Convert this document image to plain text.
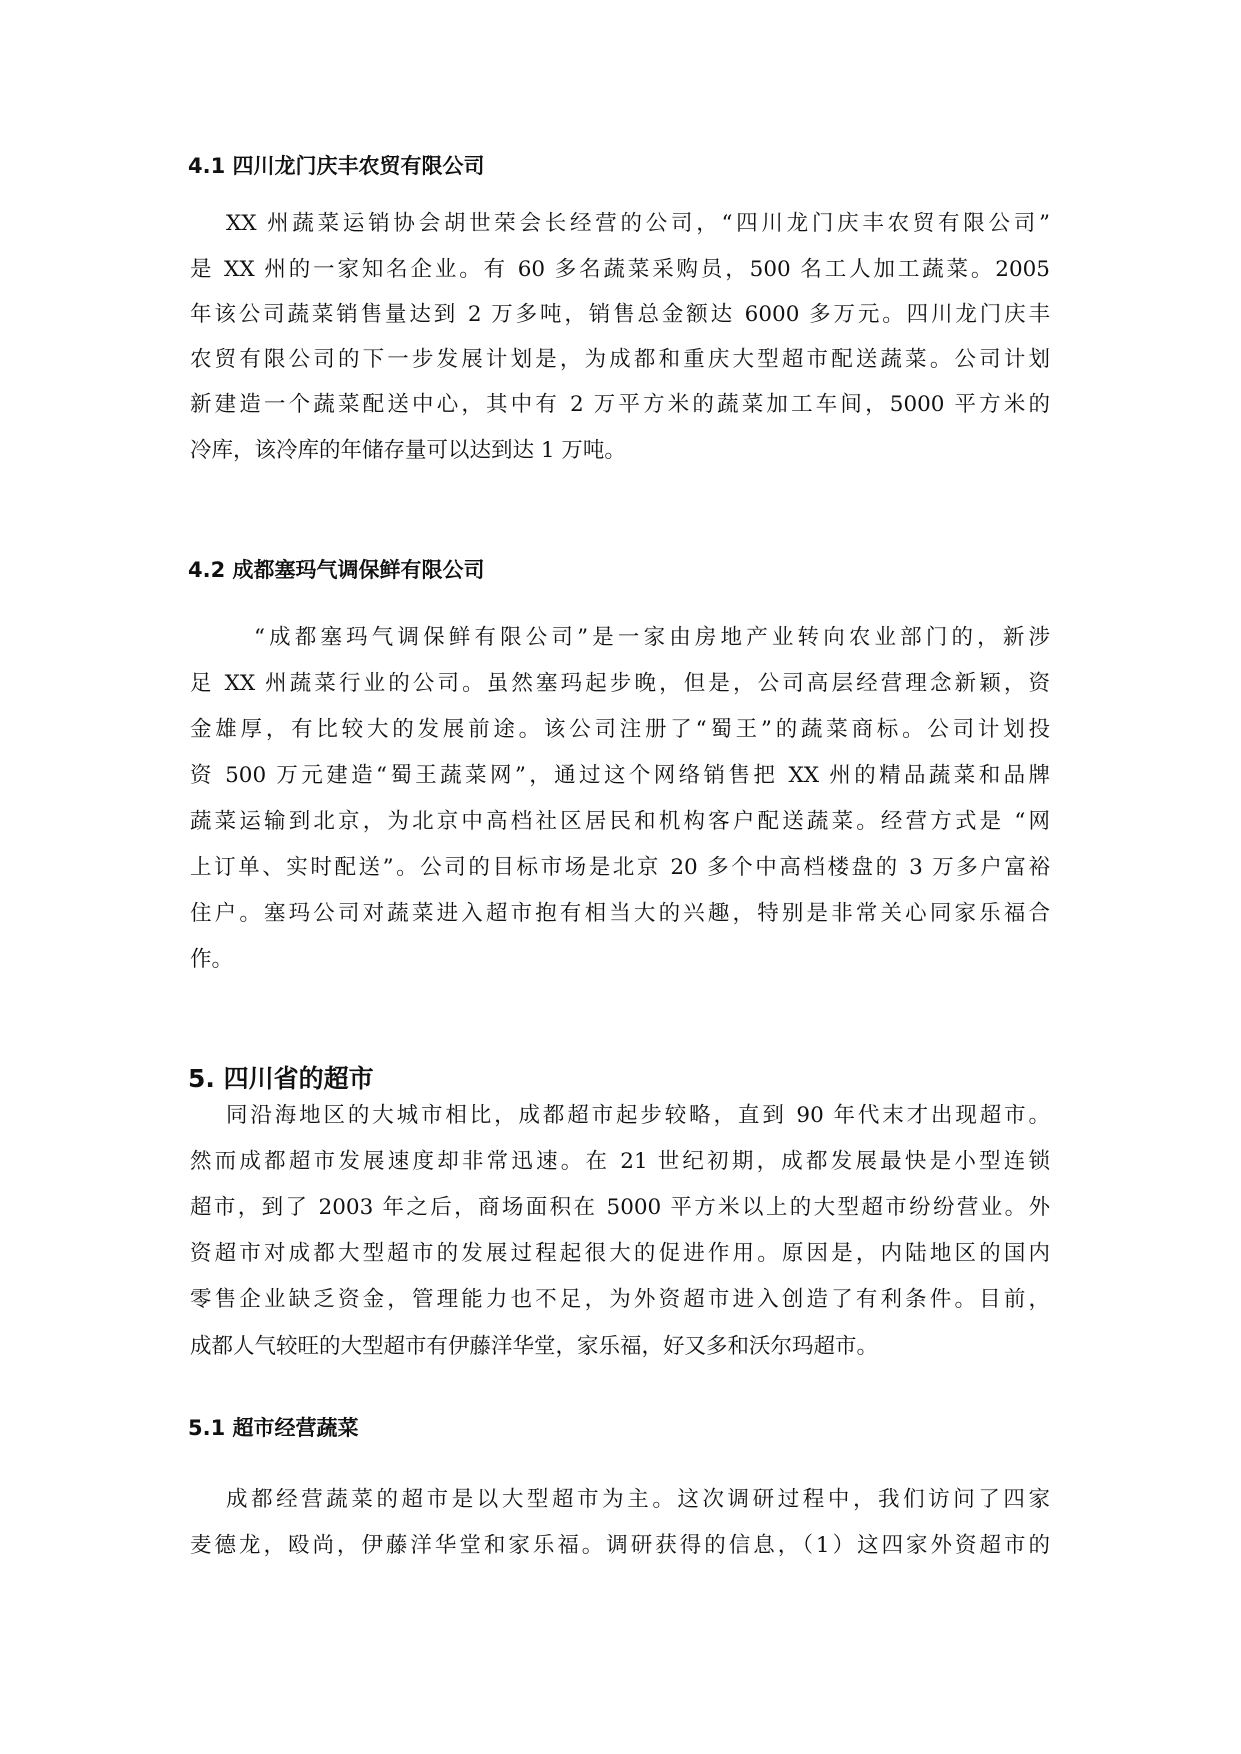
4.1 四川龙门庆丰农贸有限公司
XX 州蔬菜运销协会胡世荣会长经营的公司，“四川龙门庆丰农贸有限公司”
是 XX 州的一家知名企业。有 60 多名蔬菜采购员，500 名工人加工蔬菜。2005
年该公司蔬菜销售量达到 2 万多吨，销售总金额达 6000 多万元。四川龙门庆丰
农贸有限公司的下一步发展计划是，为成都和重庆大型超市配送蔬菜。公司计划
新建造一个蔬菜配送中心，其中有 2 万平方米的蔬菜加工车间，5000 平方米的
冷库，该冷库的年储存量可以达到达 1 万吨。
4.2 成都塞玛气调保鲜有限公司
“成都塞玛气调保鲜有限公司”是一家由房地产业转向农业部门的，新涉
足 XX 州蔬菜行业的公司。虽然塞玛起步晚，但是，公司高层经营理念新颖，资
金雄厚，有比较大的发展前途。该公司注册了“蜀王”的蔬菜商标。公司计划投
资 500 万元建造“蜀王蔬菜网”，通过这个网络销售把 XX 州的精品蔬菜和品牌
蔬菜运输到北京，为北京中高档社区居民和机构客户配送蔬菜。经营方式是 “网
上订单、实时配送”。公司的目标市场是北京 20 多个中高档楼盘的 3 万多户富裕
住户。塞玛公司对蔬菜进入超市抱有相当大的兴趣，特别是非常关心同家乐福合
作。
5. 四川省的超市
同沿海地区的大城市相比，成都超市起步较略，直到 90 年代末才出现超市。
然而成都超市发展速度却非常迅速。在 21 世纪初期，成都发展最快是小型连锁
超市，到了 2003 年之后，商场面积在 5000 平方米以上的大型超市纷纷营业。外
资超市对成都大型超市的发展过程起很大的促进作用。原因是，内陆地区的国内
零售企业缺乏资金，管理能力也不足，为外资超市进入创造了有利条件。目前，
成都人气较旺的大型超市有伊藤洋华堂，家乐福，好又多和沃尔玛超市。
5.1 超市经营蔬菜
成都经营蔬菜的超市是以大型超市为主。这次调研过程中，我们访问了四家
麦德龙，殴尚，伊藤洋华堂和家乐福。调研获得的信息，（1）这四家外资超市的
